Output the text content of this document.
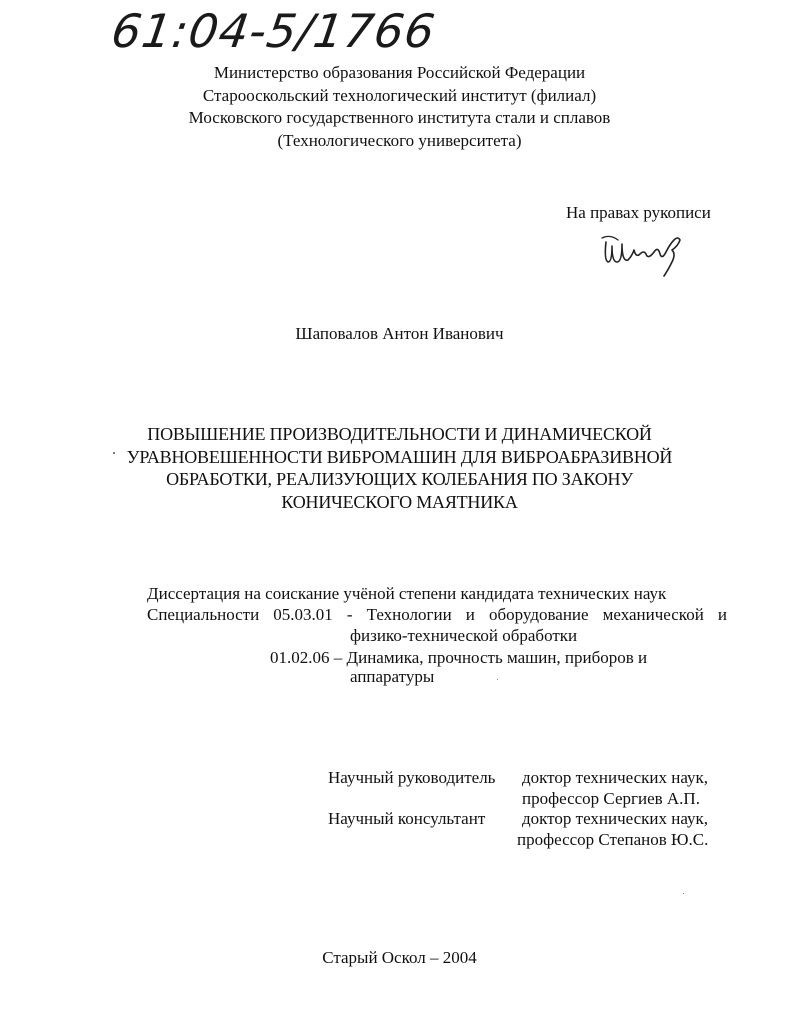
61:04-5/1766
Министерство образования Российской Федерации
Старооскольский технологический институт (филиал)
Московского государственного института стали и сплавов
(Технологического университета)
На правах рукописи
Шаповалов Антон Иванович
ПОВЫШЕНИЕ ПРОИЗВОДИТЕЛЬНОСТИ И ДИНАМИЧЕСКОЙ
УРАВНОВЕШЕННОСТИ ВИБРОМАШИН ДЛЯ ВИБРОАБРАЗИВНОЙ
ОБРАБОТКИ, РЕАЛИЗУЮЩИХ КОЛЕБАНИЯ ПО ЗАКОНУ
КОНИЧЕСКОГО МАЯТНИКА
Диссертация на соискание учёной степени кандидата технических наук
Специальности 05.03.01 - Технологии и оборудование механической и
физико-технической обработки
01.02.06 – Динамика, прочность машин, приборов и
аппаратуры
Научный руководитель доктор технических наук,
профессор Сергиев А.П.
Научный консультант доктор технических наук,
профессор Степанов Ю.С.
Старый Оскол – 2004
